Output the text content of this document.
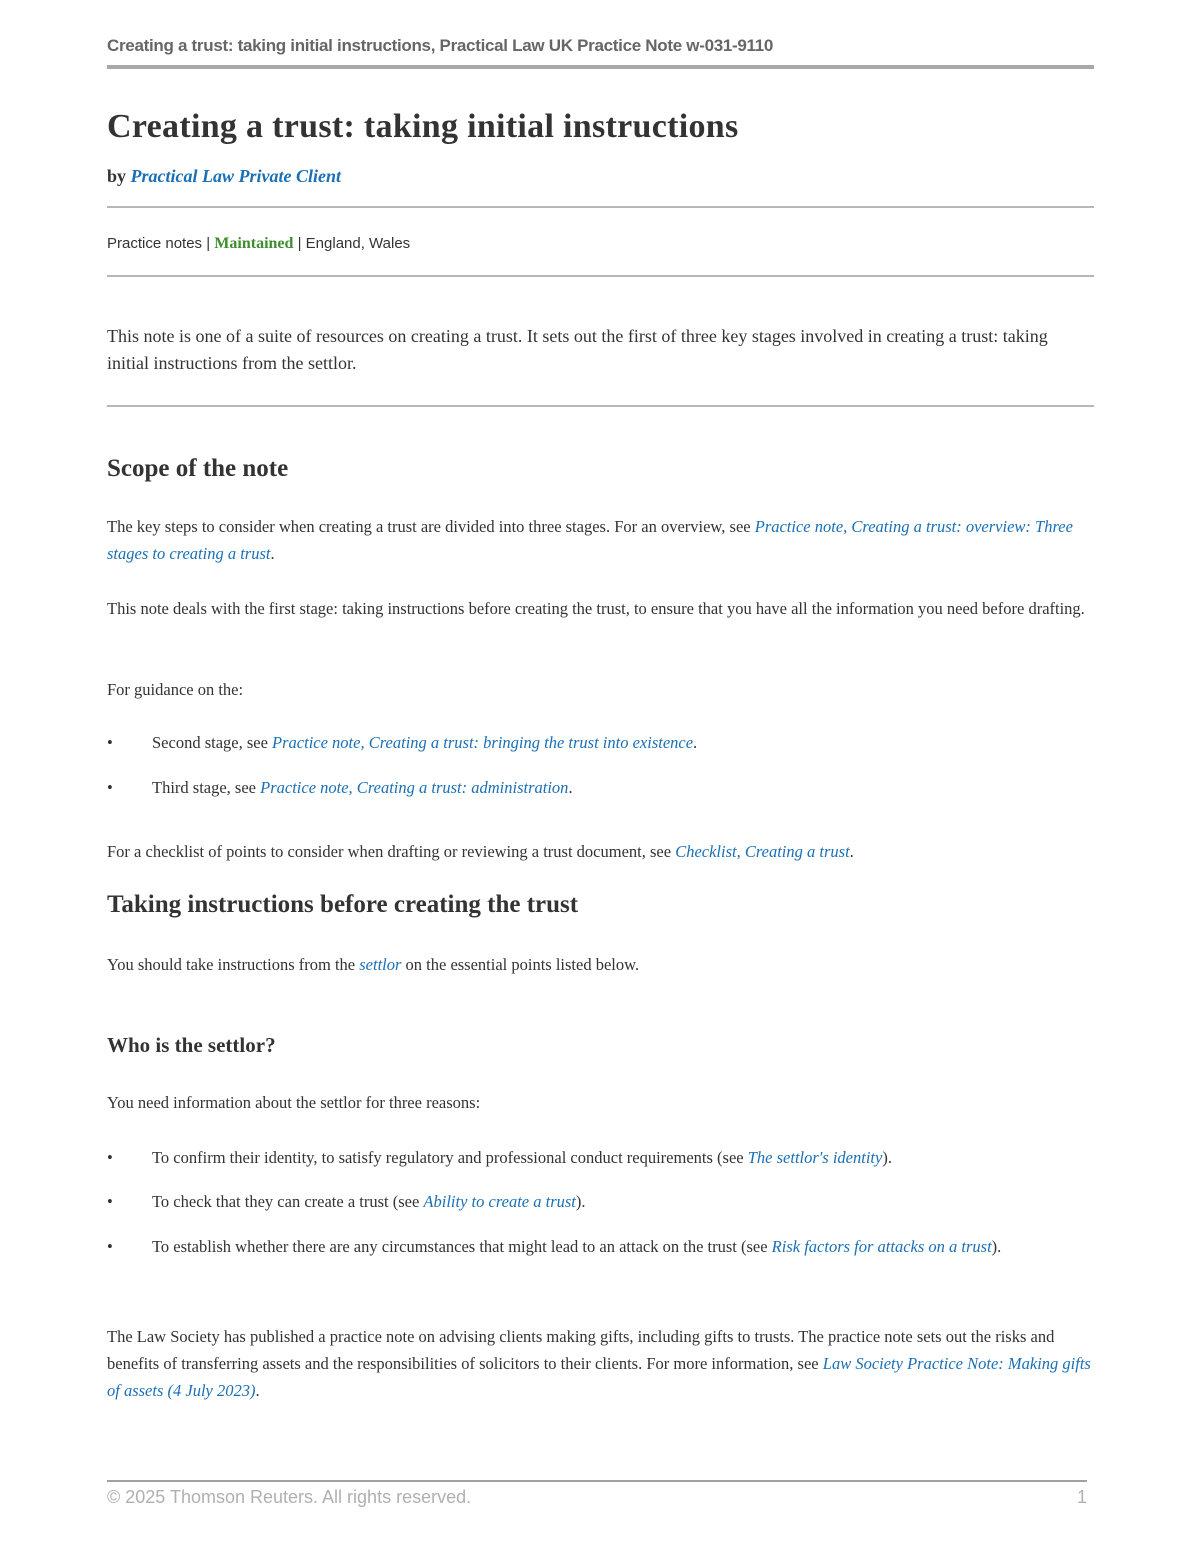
Creating a trust: taking initial instructions, Practical Law UK Practice Note w-031-9110
Creating a trust: taking initial instructions
by Practical Law Private Client
Practice notes | Maintained | England, Wales
This note is one of a suite of resources on creating a trust. It sets out the first of three key stages involved in creating a trust: taking initial instructions from the settlor.
Scope of the note
The key steps to consider when creating a trust are divided into three stages. For an overview, see Practice note, Creating a trust: overview: Three stages to creating a trust.
This note deals with the first stage: taking instructions before creating the trust, to ensure that you have all the information you need before drafting.
For guidance on the:
• Second stage, see Practice note, Creating a trust: bringing the trust into existence.
• Third stage, see Practice note, Creating a trust: administration.
For a checklist of points to consider when drafting or reviewing a trust document, see Checklist, Creating a trust.
Taking instructions before creating the trust
You should take instructions from the settlor on the essential points listed below.
Who is the settlor?
You need information about the settlor for three reasons:
• To confirm their identity, to satisfy regulatory and professional conduct requirements (see The settlor's identity).
• To check that they can create a trust (see Ability to create a trust).
• To establish whether there are any circumstances that might lead to an attack on the trust (see Risk factors for attacks on a trust).
The Law Society has published a practice note on advising clients making gifts, including gifts to trusts. The practice note sets out the risks and benefits of transferring assets and the responsibilities of solicitors to their clients. For more information, see Law Society Practice Note: Making gifts of assets (4 July 2023).
© 2025 Thomson Reuters. All rights reserved.	1
